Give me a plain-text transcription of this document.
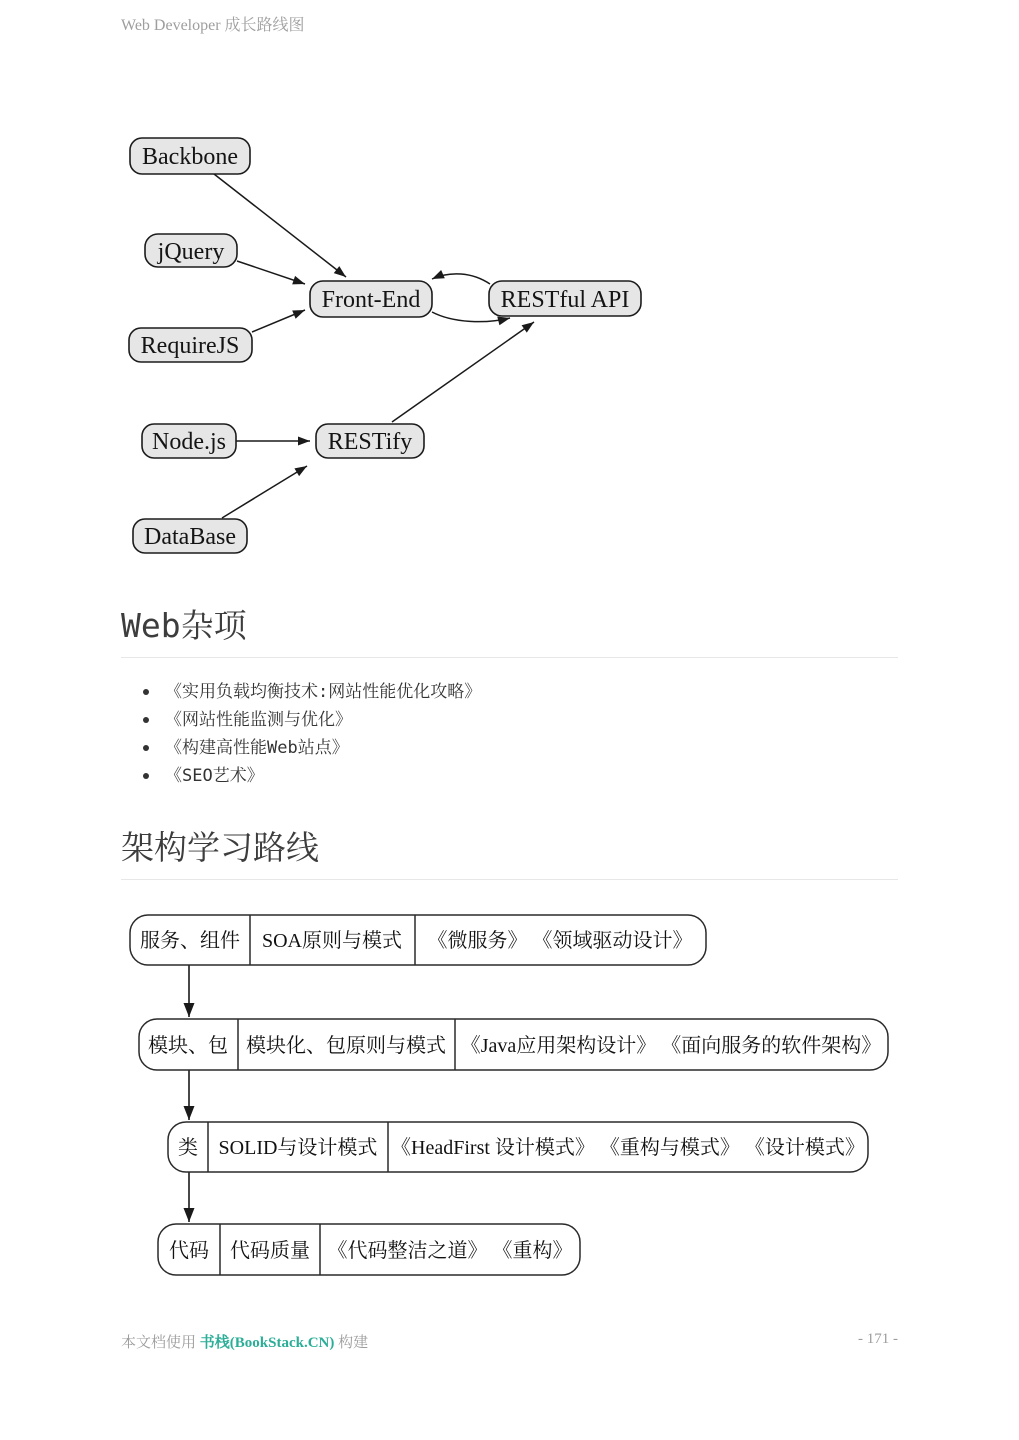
Web Developer 成长路线图
Backbone
jQuery
RequireJS
Front-End	RESTful API
Node.js	RESTify
DataBase
Web杂项
《实用负载均衡技术:网站性能优化攻略》
《网站性能监测与优化》
《构建高性能Web站点》
《SEO艺术》
架构学习路线
服务、组件 SOA原则与模式 《微服务》 《领域驱动设计》
模块、包 模块化、包原则与模式 《Java应用架构设计》 《面向服务的软件架构》
类 SOLID与设计模式 《HeadFirst 设计模式》 《重构与模式》 《设计模式》
代码 代码质量 《代码整洁之道》 《重构》
本文档使用 书栈(BookStack.CN) 构建	- 171 -
